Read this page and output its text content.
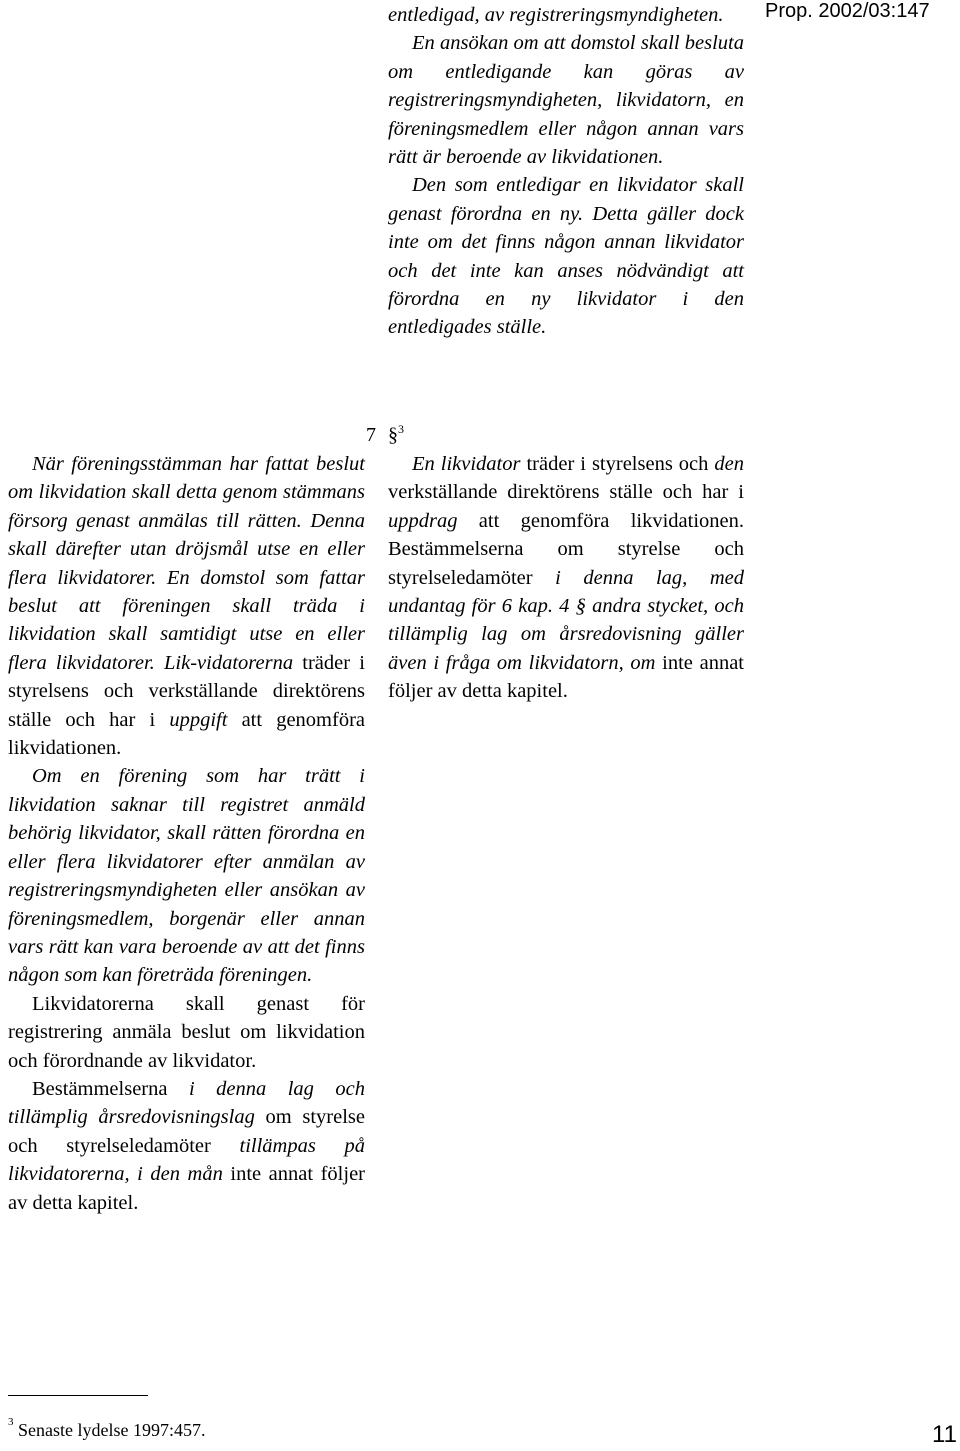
Prop. 2002/03:147

entledigad, av registreringsmyndigheten.

En ansökan om att domstol skall besluta om entledigande kan göras av registreringsmyndigheten, likvidatorn, en föreningsmedlem eller någon annan vars rätt är beroende av likvidationen.

Den som entledigar en likvidator skall genast förordna en ny. Detta gäller dock inte om det finns någon annan likvidator och det inte kan anses nödvändigt att förordna en ny likvidator i den entledigades ställe.

7 §$^3$

När föreningsstämman har fattat beslut om likvidation skall detta genom stämmans försorg genast anmälas till rätten. Denna skall därefter utan dröjsmål utse en eller flera likvidatorer. En domstol som fattar beslut att föreningen skall träda i likvidation skall samtidigt utse en eller flera likvidatorer. Lik-vidatorerna träder i styrelsens och verkställande direktörens ställe och har i uppgift att genomföra likvidationen.

Om en förening som har trätt i likvidation saknar till registret anmäld behörig likvidator, skall rätten förordna en eller flera likvidatorer efter anmälan av registreringsmyndigheten eller ansökan av föreningsmedlem, borgenär eller annan vars rätt kan vara beroende av att det finns någon som kan företräda föreningen.

Likvidatorerna skall genast för registrering anmäla beslut om likvidation och förordnande av likvidator.

Bestämmelserna i denna lag och tillämplig årsredovisningslag om styrelse och styrelseledamöter tillämpas på likvidatorerna, i den mån inte annat följer av detta kapitel.

En likvidator träder i styrelsens och den verkställande direktörens ställe och har i uppdrag att genomföra likvidationen. Bestämmelserna om styrelse och styrelseledamöter i denna lag, med undantag för 6 kap. 4 § andra stycket, och tillämplig lag om årsredovisning gäller även i fråga om likvidatorn, om inte annat följer av detta kapitel.

$^3$ Senaste lydelse 1997:457.	11
